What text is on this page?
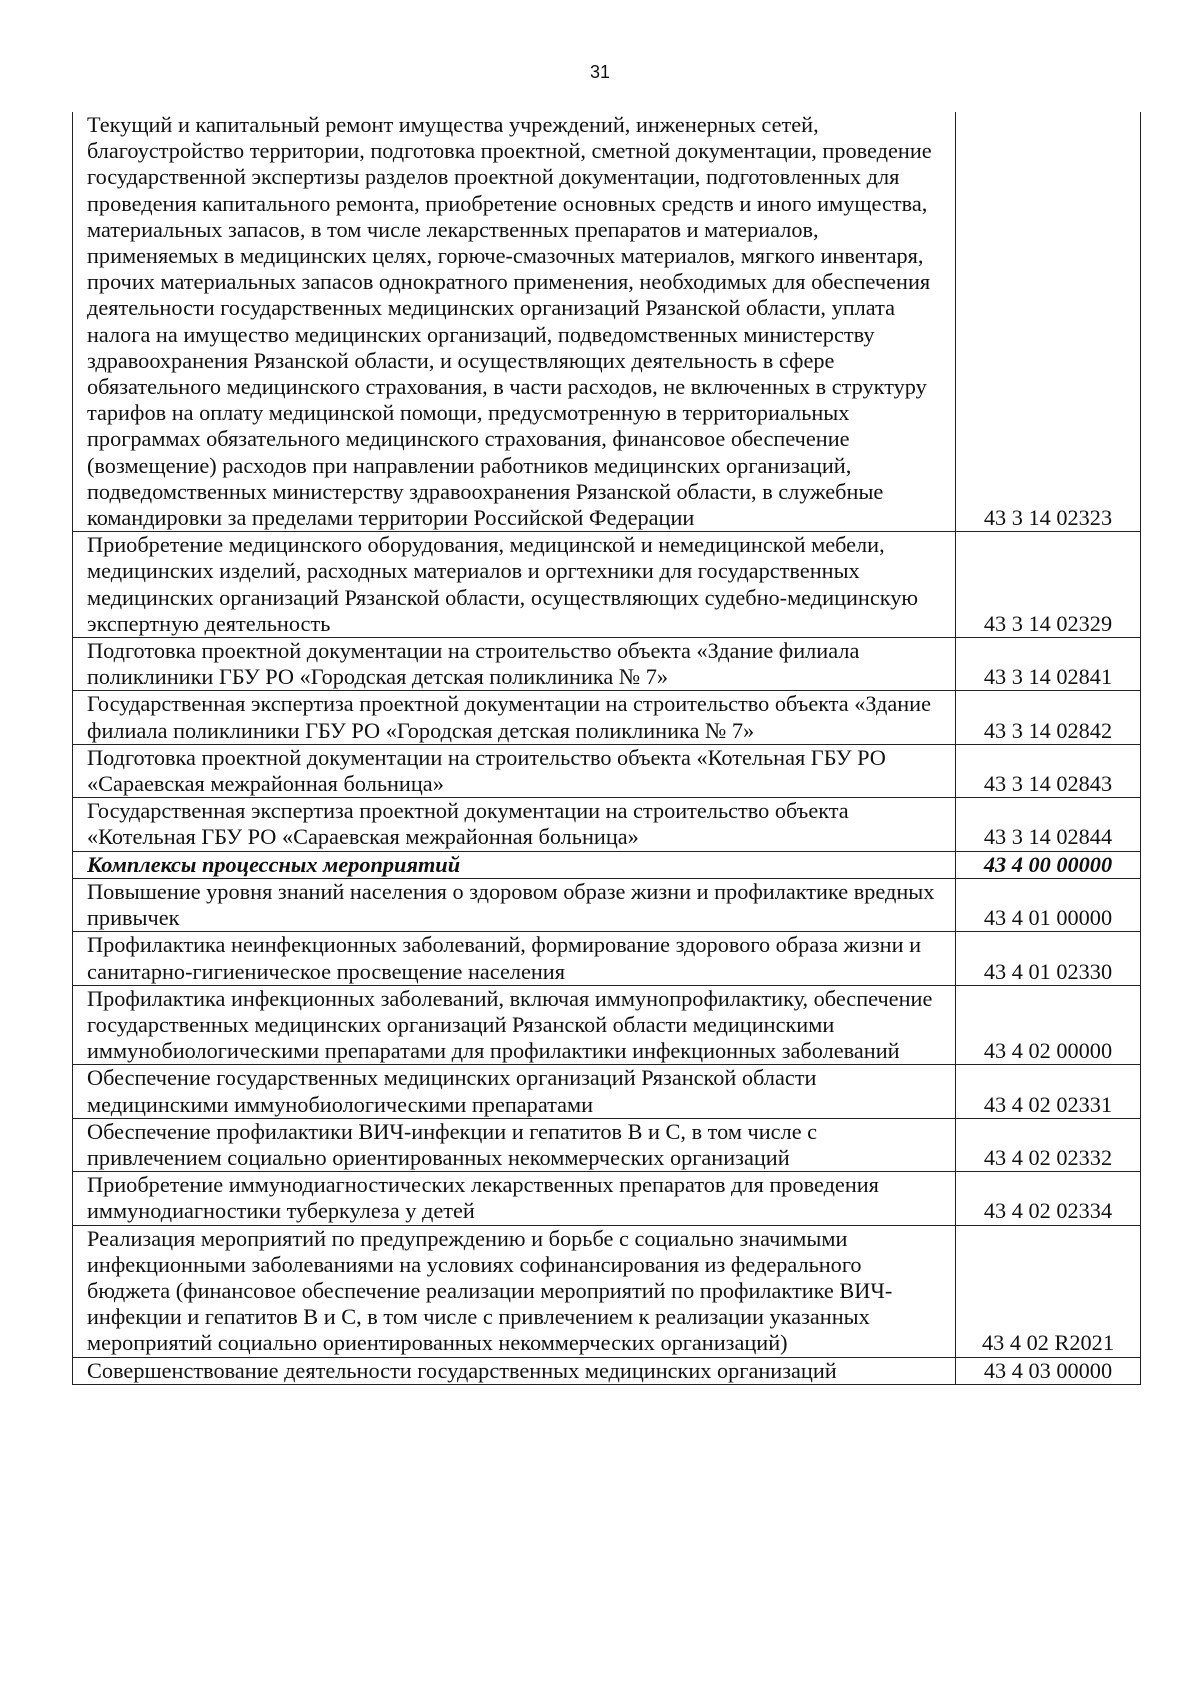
31
Текущий и капитальный ремонт имущества учреждений, инженерных сетей, благоустройство территории, подготовка проектной, сметной документации, проведение государственной экспертизы разделов проектной документации, подготовленных для проведения капитального ремонта, приобретение основных средств и иного имущества, материальных запасов, в том числе лекарственных препаратов и материалов, применяемых в медицинских целях, горюче-смазочных материалов, мягкого инвентаря, прочих материальных запасов однократного применения, необходимых для обеспечения деятельности государственных медицинских организаций Рязанской области, уплата налога на имущество медицинских организаций, подведомственных министерству здравоохранения Рязанской области, и осуществляющих деятельность в сфере обязательного медицинского страхования, в части расходов, не включенных в структуру тарифов на оплату медицинской помощи, предусмотренную в территориальных программах обязательного медицинского страхования, финансовое обеспечение (возмещение) расходов при направлении работников медицинских организаций, подведомственных министерству здравоохранения Рязанской области, в служебные командировки за пределами территории Российской Федерации	43 3 14 02323
Приобретение медицинского оборудования, медицинской и немедицинской мебели, медицинских изделий, расходных материалов и оргтехники для государственных медицинских организаций Рязанской области, осуществляющих судебно-медицинскую экспертную деятельность	43 3 14 02329
Подготовка проектной документации на строительство объекта «Здание филиала поликлиники ГБУ РО «Городская детская поликлиника № 7»	43 3 14 02841
Государственная экспертиза проектной документации на строительство объекта «Здание филиала поликлиники ГБУ РО «Городская детская поликлиника № 7»	43 3 14 02842
Подготовка проектной документации на строительство объекта «Котельная ГБУ РО «Сараевская межрайонная больница»	43 3 14 02843
Государственная экспертиза проектной документации на строительство объекта «Котельная ГБУ РО «Сараевская межрайонная больница»	43 3 14 02844
Комплексы процессных мероприятий	43 4 00 00000
Повышение уровня знаний населения о здоровом образе жизни и профилактике вредных привычек	43 4 01 00000
Профилактика неинфекционных заболеваний, формирование здорового образа жизни и санитарно-гигиеническое просвещение населения	43 4 01 02330
Профилактика инфекционных заболеваний, включая иммунопрофилактику, обеспечение государственных медицинских организаций Рязанской области медицинскими иммунобиологическими препаратами для профилактики инфекционных заболеваний	43 4 02 00000
Обеспечение государственных медицинских организаций Рязанской области медицинскими иммунобиологическими препаратами	43 4 02 02331
Обеспечение профилактики ВИЧ-инфекции и гепатитов В и С, в том числе с привлечением социально ориентированных некоммерческих организаций	43 4 02 02332
Приобретение иммунодиагностических лекарственных препаратов для проведения иммунодиагностики туберкулеза у детей	43 4 02 02334
Реализация мероприятий по предупреждению и борьбе с социально значимыми инфекционными заболеваниями на условиях софинансирования из федерального бюджета (финансовое обеспечение реализации мероприятий по профилактике ВИЧ-инфекции и гепатитов В и С, в том числе с привлечением к реализации указанных мероприятий социально ориентированных некоммерческих организаций)	43 4 02 R2021
Совершенствование деятельности государственных медицинских организаций	43 4 03 00000
